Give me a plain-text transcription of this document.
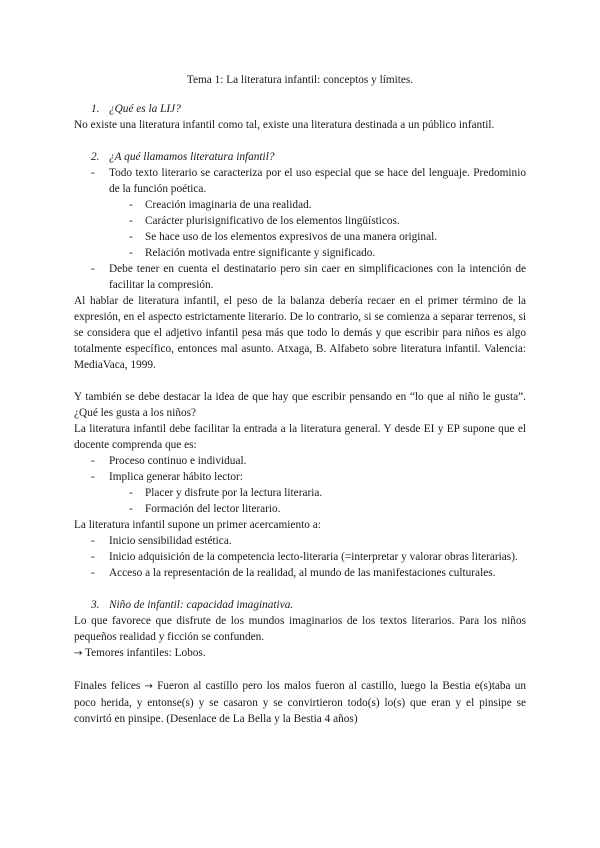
Tema 1: La literatura infantil: conceptos y límites.

1. ¿Qué es la LIJ?

No existe una literatura infantil como tal, existe una literatura destinada a un público infantil.

2. ¿A qué llamamos literatura infantil?
- Todo texto literario se caracteriza por el uso especial que se hace del lenguaje. Predominio de la función poética.
- Creación imaginaria de una realidad.
- Carácter plurisignificativo de los elementos lingüísticos.
- Se hace uso de los elementos expresivos de una manera original.
- Relación motivada entre significante y significado.
- Debe tener en cuenta el destinatario pero sin caer en simplificaciones con la intención de facilitar la compresión.

Al hablar de literatura infantil, el peso de la balanza debería recaer en el primer término de la expresión, en el aspecto estrictamente literario. De lo contrario, si se comienza a separar terrenos, si se considera que el adjetivo infantil pesa más que todo lo demás y que escribir para niños es algo totalmente específico, entonces mal asunto. Atxaga, B. Alfabeto sobre literatura infantil. Valencia: MediaVaca, 1999.

Y también se debe destacar la idea de que hay que escribir pensando en “lo que al niño le gusta”. ¿Qué les gusta a los niños?

La literatura infantil debe facilitar la entrada a la literatura general. Y desde EI y EP supone que el docente comprenda que es:

- Proceso continuo e individual.
- Implica generar hábito lector:
- Placer y disfrute por la lectura literaria.
- Formación del lector literario.

La literatura infantil supone un primer acercamiento a:

- Inicio sensibilidad estética.
- Inicio adquisición de la competencia lecto-literaria (=interpretar y valorar obras literarias).
- Acceso a la representación de la realidad, al mundo de las manifestaciones culturales.
3. Niño de infantil: capacidad imaginativa.

Lo que favorece que disfrute de los mundos imaginarios de los textos literarios. Para los niños pequeños realidad y ficción se confunden.

→ Temores infantiles: Lobos.

Finales felices → Fueron al castillo pero los malos fueron al castillo, luego la Bestia e(s)taba un poco herida, y entonse(s) y se casaron y se convirtieron todo(s) lo(s) que eran y el pinsipe se convirtó en pinsipe. (Desenlace de La Bella y la Bestia 4 años)
